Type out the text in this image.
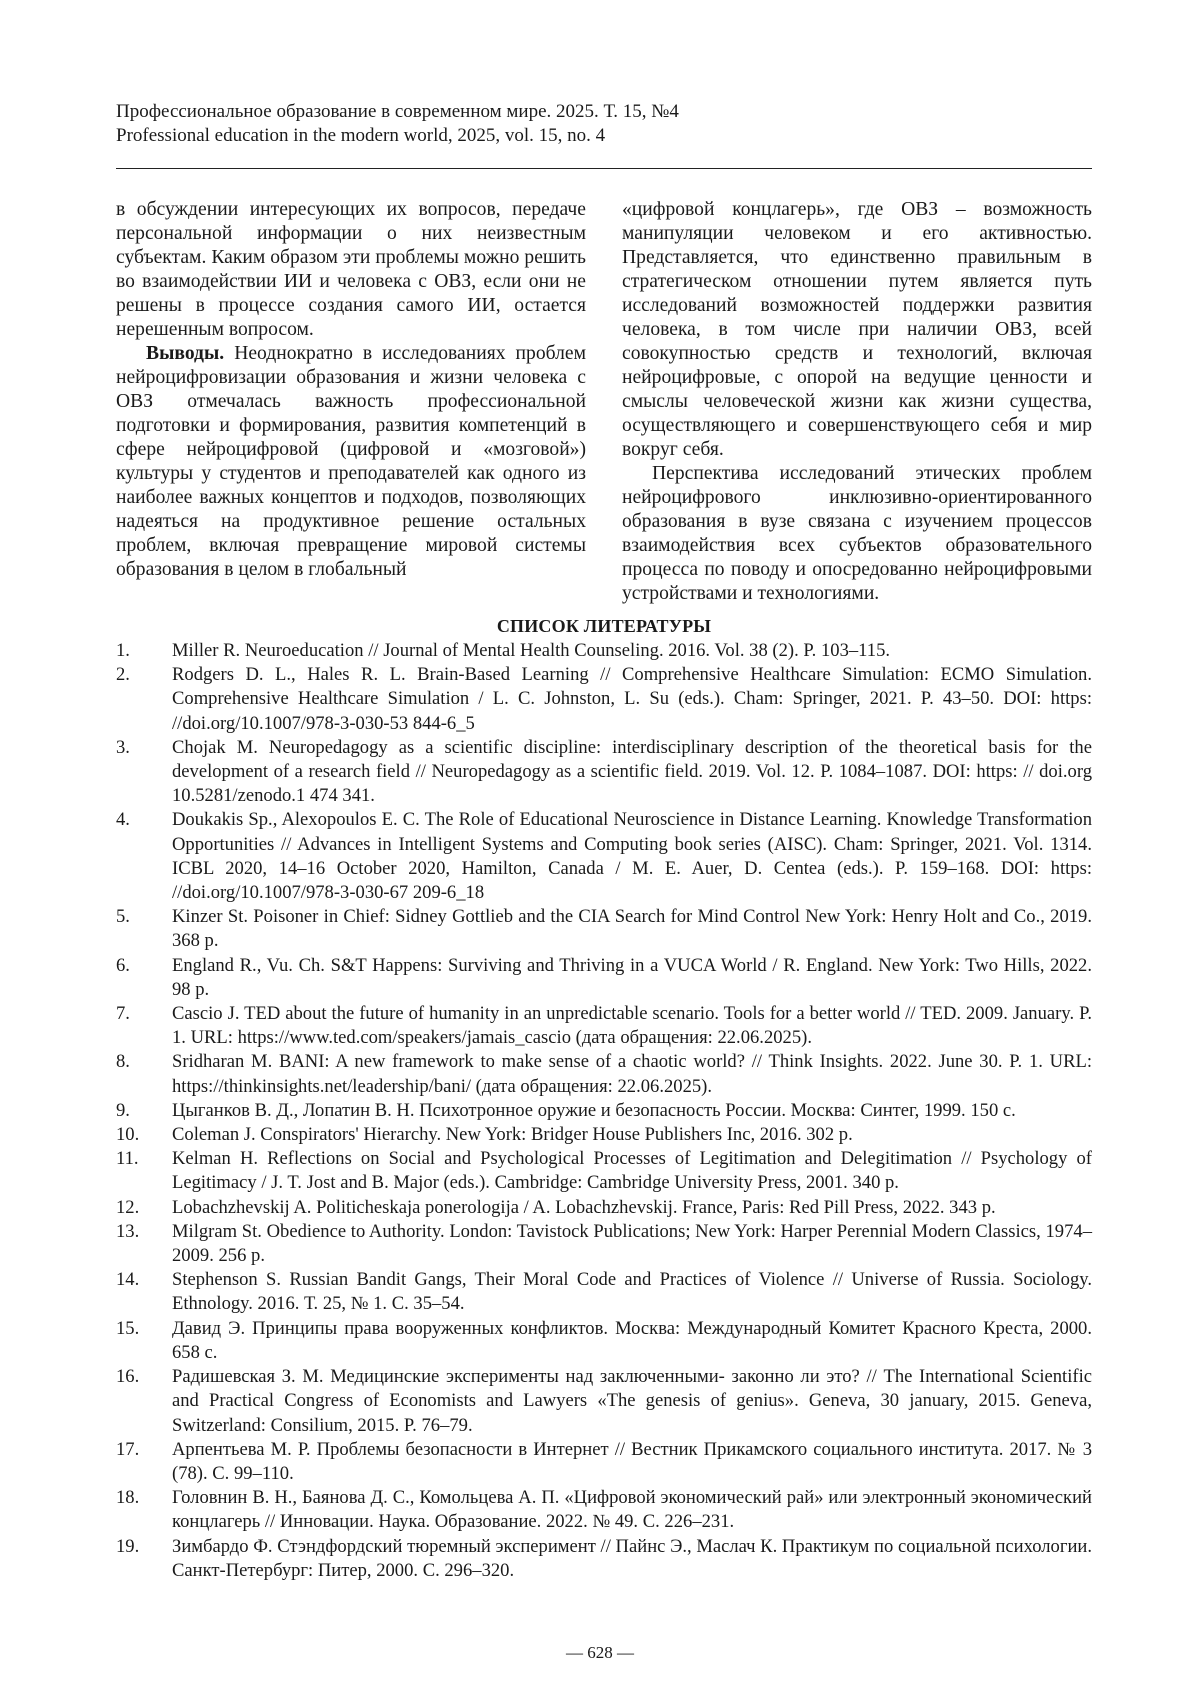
Профессиональное образование в современном мире. 2025. Т. 15, №4
Professional education in the modern world, 2025, vol. 15, no. 4

в обсуждении интересующих их вопросов, передаче персональной информации о них неизвестным субъектам. Каким образом эти проблемы можно решить во взаимодействии ИИ и человека с ОВЗ, если они не решены в процессе создания самого ИИ, остается нерешенным вопросом.

Выводы. Неоднократно в исследованиях проблем нейроцифровизации образования и жизни человека с ОВЗ отмечалась важность профессиональной подготовки и формирования, развития компетенций в сфере нейроцифровой (цифровой и «мозговой») культуры у студентов и преподавателей как одного из наиболее важных концептов и подходов, позволяющих надеяться на продуктивное решение остальных проблем, включая превращение мировой системы образования в целом в глобальный

«цифровой концлагерь», где ОВЗ – возможность манипуляции человеком и его активностью. Представляется, что единственно правильным в стратегическом отношении путем является путь исследований возможностей поддержки развития человека, в том числе при наличии ОВЗ, всей совокупностью средств и технологий, включая нейроцифровые, с опорой на ведущие ценности и смыслы человеческой жизни как жизни существа, осуществляющего и совершенствующего себя и мир вокруг себя.

Перспектива исследований этических проблем нейроцифрового инклюзивно-ориентированного образования в вузе связана с изучением процессов взаимодействия всех субъектов образовательного процесса по поводу и опосредованно нейроцифровыми устройствами и технологиями.

СПИСОК ЛИТЕРАТУРЫ
1. Miller R. Neuroeducation // Journal of Mental Health Counseling. 2016. Vol. 38 (2). P. 103–115.
2. Rodgers D. L., Hales R. L. Brain-Based Learning // Comprehensive Healthcare Simulation: ECMO Simulation. Comprehensive Healthcare Simulation / L. C. Johnston, L. Su (eds.). Cham: Springer, 2021. P. 43–50. DOI: https: //doi.org/10.1007/978-3-030-53 844-6_5
3. Chojak M. Neuropedagogy as a scientific discipline: interdisciplinary description of the theoretical basis for the development of a research field // Neuropedagogy as a scientific field. 2019. Vol. 12. P. 1084–1087. DOI: https: // doi.org 10.5281/zenodo.1 474 341.
4. Doukakis Sp., Alexopoulos E. C. The Role of Educational Neuroscience in Distance Learning. Knowledge Transformation Opportunities // Advances in Intelligent Systems and Computing book series (AISC). Cham: Springer, 2021. Vol. 1314. ICBL 2020, 14–16 October 2020, Hamilton, Canada / M. E. Auer, D. Centea (eds.). P. 159–168. DOI: https: //doi.org/10.1007/978-3-030-67 209-6_18
5. Kinzer St. Poisoner in Chief: Sidney Gottlieb and the CIA Search for Mind Control New York: Henry Holt and Co., 2019. 368 p.
6. England R., Vu. Ch. S&T Happens: Surviving and Thriving in a VUCA World / R. England. New York: Two Hills, 2022. 98 p.
7. Cascio J. TED about the future of humanity in an unpredictable scenario. Tools for a better world // TED. 2009. January. P. 1. URL: https://www.ted.com/speakers/jamais_cascio (дата обращения: 22.06.2025).
8. Sridharan M. BANI: A new framework to make sense of a chaotic world? // Think Insights. 2022. June 30. P. 1. URL: https://thinkinsights.net/leadership/bani/ (дата обращения: 22.06.2025).
9. Цыганков В. Д., Лопатин В. Н. Психотронное оружие и безопасность России. Москва: Синтег, 1999. 150 с.
10. Coleman J. Conspirators' Hierarchy. New York: Bridger House Publishers Inc, 2016. 302 p.
11. Kelman H. Reflections on Social and Psychological Processes of Legitimation and Delegitimation // Psychology of Legitimacy / J. T. Jost and B. Major (eds.). Cambridge: Cambridge University Press, 2001. 340 p.
12. Lobachzhevskij A. Politicheskaja ponerologija / A. Lobachzhevskij. France, Paris: Red Pill Press, 2022. 343 p.
13. Milgram St. Obedience to Authority. London: Tavistock Publications; New York: Harper Perennial Modern Classics, 1974–2009. 256 p.
14. Stephenson S. Russian Bandit Gangs, Their Moral Code and Practices of Violence // Universe of Russia. Sociology. Ethnology. 2016. Т. 25, № 1. С. 35–54.
15. Давид Э. Принципы права вооруженных конфликтов. Москва: Международный Комитет Красного Креста, 2000. 658 с.
16. Радишевская З. М. Медицинские эксперименты над заключенными- законно ли это? // The International Scientific and Practical Congress of Economists and Lawyers «The genesis of genius». Geneva, 30 january, 2015. Geneva, Switzerland: Consilium, 2015. P. 76–79.
17. Арпентьева М. Р. Проблемы безопасности в Интернет // Вестник Прикамского социального института. 2017. № 3 (78). С. 99–110.
18. Головнин В. Н., Баянова Д. С., Комольцева А. П. «Цифровой экономический рай» или электронный экономический концлагерь // Инновации. Наука. Образование. 2022. № 49. С. 226–231.
19. Зимбардо Ф. Стэндфордский тюремный эксперимент // Пайнс Э., Маслач К. Практикум по социальной психологии. Санкт-Петербург: Питер, 2000. С. 296–320.
— 628 —
